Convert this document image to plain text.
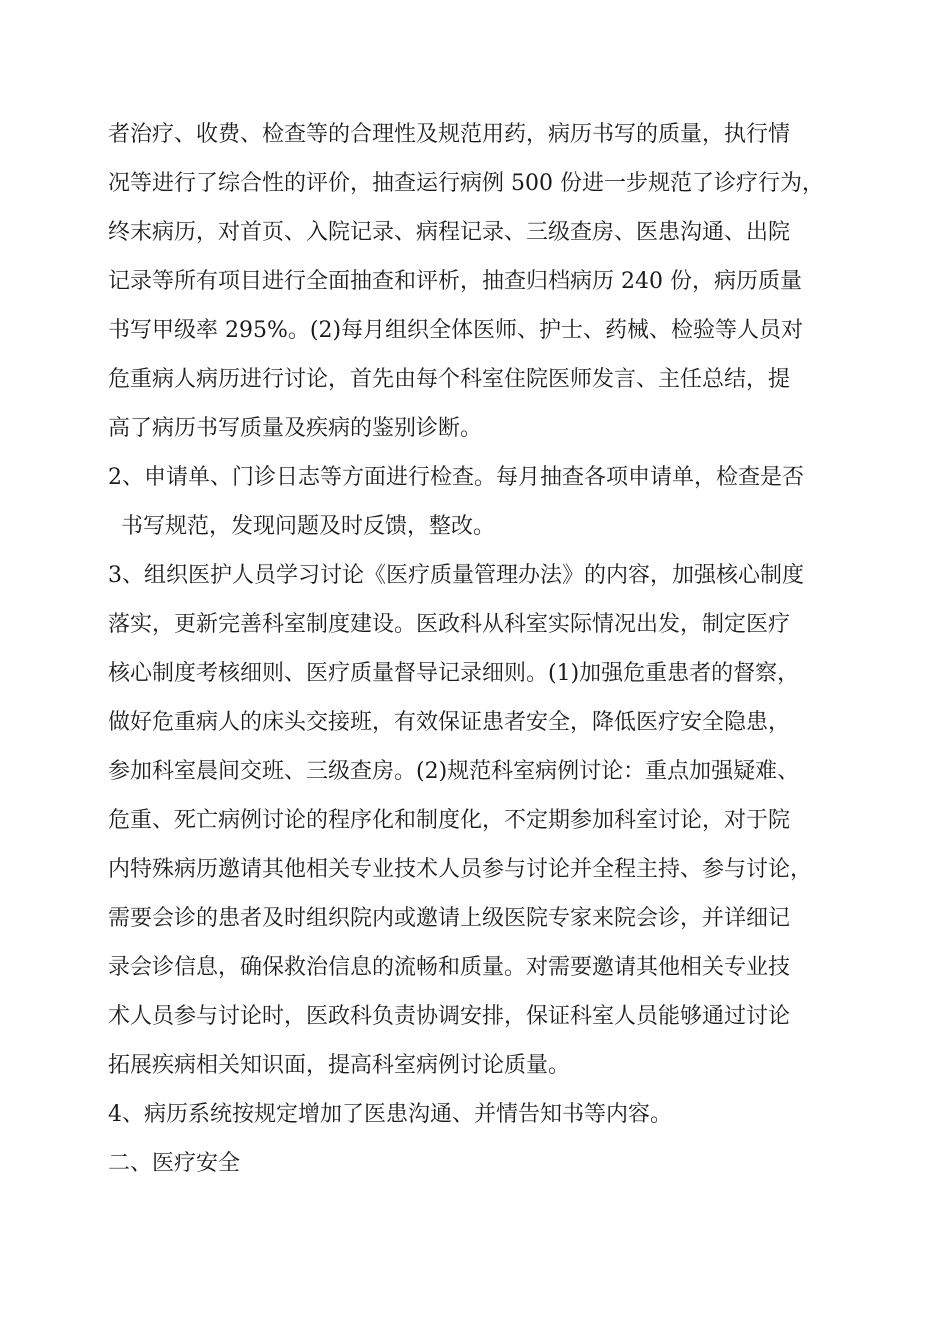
者治疗、收费、检查等的合理性及规范用药，病历书写的质量，执行情
况等进行了综合性的评价，抽查运行病例 500 份进一步规范了诊疗行为，
终末病历，对首页、入院记录、病程记录、三级查房、医患沟通、出院
记录等所有项目进行全面抽查和评析，抽查归档病历 240 份，病历质量
书写甲级率 295%。(2)每月组织全体医师、护士、药械、检验等人员对
危重病人病历进行讨论，首先由每个科室住院医师发言、主任总结，提
高了病历书写质量及疾病的鉴别诊断。
2、申请单、门诊日志等方面进行检查。每月抽查各项申请单，检查是否
书写规范，发现问题及时反馈，整改。
3、组织医护人员学习讨论《医疗质量管理办法》的内容，加强核心制度
落实，更新完善科室制度建设。医政科从科室实际情况出发，制定医疗
核心制度考核细则、医疗质量督导记录细则。(1)加强危重患者的督察，
做好危重病人的床头交接班，有效保证患者安全，降低医疗安全隐患，
参加科室晨间交班、三级查房。(2)规范科室病例讨论：重点加强疑难、
危重、死亡病例讨论的程序化和制度化，不定期参加科室讨论，对于院
内特殊病历邀请其他相关专业技术人员参与讨论并全程主持、参与讨论，
需要会诊的患者及时组织院内或邀请上级医院专家来院会诊，并详细记
录会诊信息，确保救治信息的流畅和质量。对需要邀请其他相关专业技
术人员参与讨论时，医政科负责协调安排，保证科室人员能够通过讨论
拓展疾病相关知识面，提高科室病例讨论质量。
4、病历系统按规定增加了医患沟通、并情告知书等内容。
二、医疗安全
